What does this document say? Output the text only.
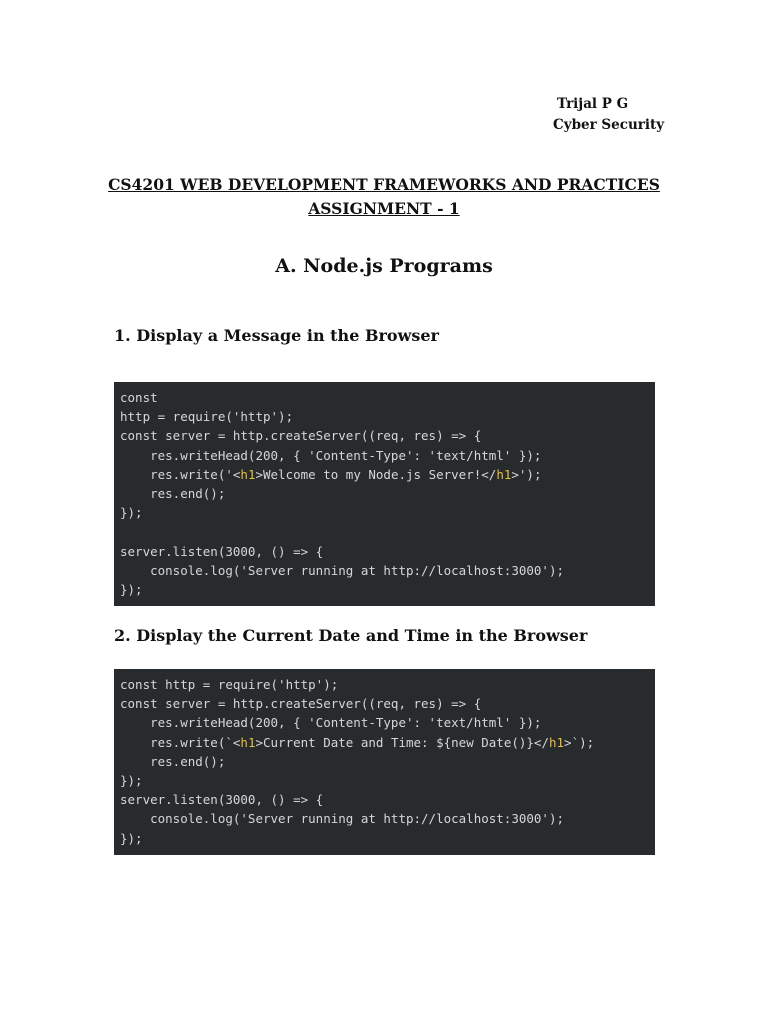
Trijal P G
Cyber Security
CS4201 WEB DEVELOPMENT FRAMEWORKS AND PRACTICES
ASSIGNMENT - 1
A. Node.js Programs
1. Display a Message in the Browser
const
http = require('http');
const server = http.createServer((req, res) => {
res.writeHead(200, { 'Content-Type': 'text/html' });
res.write('<h1>Welcome to my Node.js Server!</h1>');
res.end();
});
server.listen(3000, () => {
console.log('Server running at http://localhost:3000');
});
2. Display the Current Date and Time in the Browser
const http = require('http');
const server = http.createServer((req, res) => {
res.writeHead(200, { 'Content-Type': 'text/html' });
res.write(`<h1>Current Date and Time: ${new Date()}</h1>`);
res.end();
});
server.listen(3000, () => {
console.log('Server running at http://localhost:3000');
});
